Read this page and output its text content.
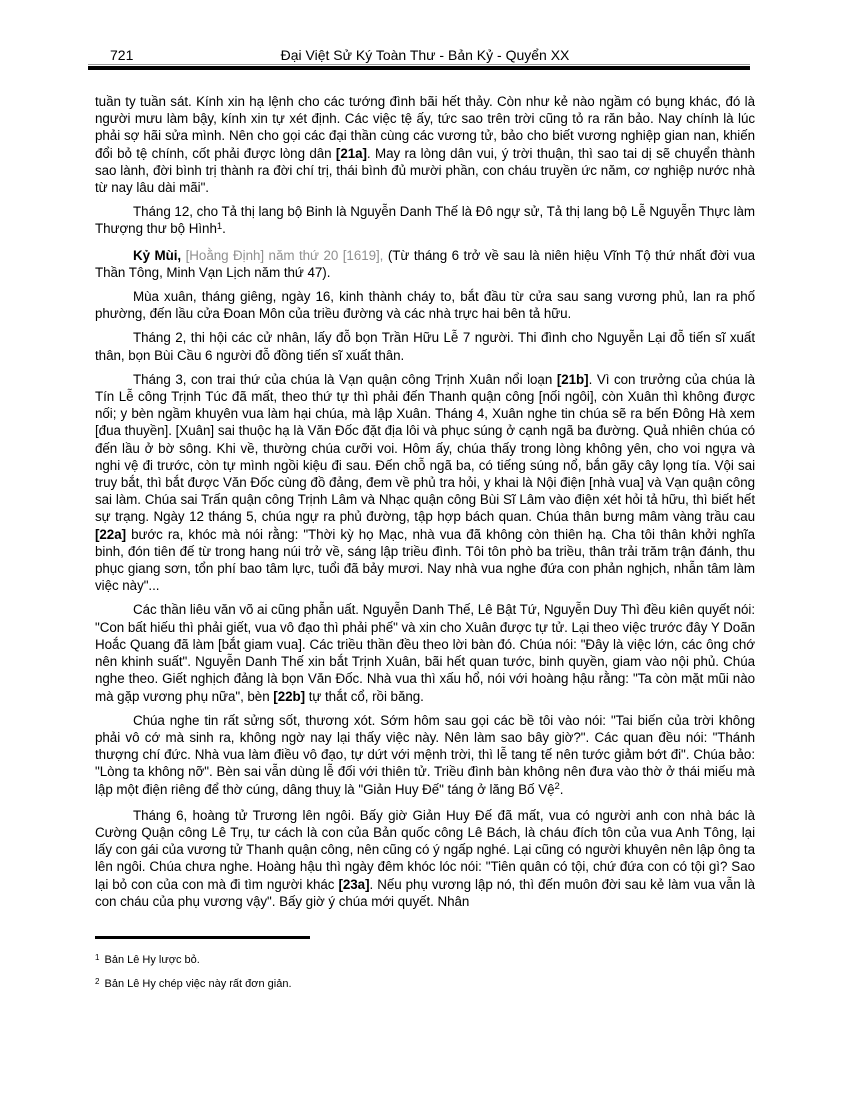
721	Đại Việt Sử Ký Toàn Thư - Bản Kỷ - Quyển XX

tuần ty tuần sát. Kính xin hạ lệnh cho các tướng đình bãi hết thảy. Còn như kẻ nào ngầm có bụng khác, đó là người mưu làm bậy, kính xin tự xét định. Các việc tệ ấy, tức sao trên trời cũng tỏ ra răn bảo. Nay chính là lúc phải sợ hãi sửa mình. Nên cho gọi các đại thần cùng các vương tử, bảo cho biết vương nghiệp gian nan, khiến đổi bỏ tệ chính, cốt phải được lòng dân [21a]. May ra lòng dân vui, ý trời thuận, thì sao tai dị sẽ chuyển thành sao lành, đời bình trị thành ra đời chí trị, thái bình đủ mười phần, con cháu truyền ức năm, cơ nghiệp nước nhà từ nay lâu dài mãi".

Tháng 12, cho Tả thị lang bộ Binh là Nguyễn Danh Thế là Đô ngự sử, Tả thị lang bộ Lễ Nguyễn Thực làm Thượng thư bộ Hình$^1$.

Kỷ Mùi, [Hoằng Định] năm thứ 20 [1619], (Từ tháng 6 trở về sau là niên hiệu Vĩnh Tộ thứ nhất đời vua Thần Tông, Minh Vạn Lịch năm thứ 47).

Mùa xuân, tháng giêng, ngày 16, kinh thành cháy to, bắt đầu từ cửa sau sang vương phủ, lan ra phố phường, đến lầu cửa Đoan Môn của triều đường và các nhà trực hai bên tả hữu.

Tháng 2, thi hội các cử nhân, lấy đỗ bọn Trần Hữu Lễ 7 người. Thi đình cho Nguyễn Lại đỗ tiến sĩ xuất thân, bọn Bùi Cầu 6 người đỗ đồng tiến sĩ xuất thân.

Tháng 3, con trai thứ của chúa là Vạn quận công Trịnh Xuân nổi loạn [21b]. Vì con trưởng của chúa là Tín Lễ công Trịnh Túc đã mất, theo thứ tự thì phải đến Thanh quận công [nối ngôi], còn Xuân thì không được nối; y bèn ngầm khuyên vua làm hại chúa, mà lập Xuân. Tháng 4, Xuân nghe tin chúa sẽ ra bến Đông Hà xem [đua thuyền]. [Xuân] sai thuộc hạ là Văn Đốc đặt địa lôi và phục súng ở cạnh ngã ba đường. Quả nhiên chúa có đến lầu ở bờ sông. Khi về, thường chúa cưỡi voi. Hôm ấy, chúa thấy trong lòng không yên, cho voi ngựa và nghi vệ đi trước, còn tự mình ngồi kiệu đi sau. Đến chỗ ngã ba, có tiếng súng nổ, bắn gãy cây lọng tía. Vội sai truy bắt, thì bắt được Văn Đốc cùng đồ đảng, đem về phủ tra hỏi, y khai là Nội điện [nhà vua] và Vạn quận công sai làm. Chúa sai Trấn quận công Trịnh Lâm và Nhạc quận công Bùi Sĩ Lâm vào điện xét hỏi tả hữu, thì biết hết sự trạng. Ngày 12 tháng 5, chúa ngự ra phủ đường, tập hợp bách quan. Chúa thân bưng mâm vàng trầu cau [22a] bước ra, khóc mà nói rằng: "Thời kỳ họ Mạc, nhà vua đã không còn thiên hạ. Cha tôi thân khởi nghĩa binh, đón tiên đế từ trong hang núi trở về, sáng lập triều đình. Tôi tôn phò ba triều, thân trải trăm trận đánh, thu phục giang sơn, tổn phí bao tâm lực, tuổi đã bảy mươi. Nay nhà vua nghe đứa con phản nghịch, nhẫn tâm làm việc này"...

Các thần liêu văn võ ai cũng phẫn uất. Nguyễn Danh Thế, Lê Bật Tứ, Nguyễn Duy Thì đều kiên quyết nói: "Con bất hiếu thì phải giết, vua vô đạo thì phải phế" và xin cho Xuân được tự tử. Lại theo việc trước đây Y Doãn Hoắc Quang đã làm [bắt giam vua]. Các triều thần đều theo lời bàn đó. Chúa nói: "Đây là việc lớn, các ông chớ nên khinh suất". Nguyễn Danh Thế xin bắt Trịnh Xuân, bãi hết quan tước, binh quyền, giam vào nội phủ. Chúa nghe theo. Giết nghịch đảng là bọn Văn Đốc. Nhà vua thì xấu hổ, nói với hoàng hậu rằng: "Ta còn mặt mũi nào mà gặp vương phụ nữa", bèn [22b] tự thắt cổ, rồi băng.

Chúa nghe tin rất sửng sốt, thương xót. Sớm hôm sau gọi các bề tôi vào nói: "Tai biến của trời không phải vô cớ mà sinh ra, không ngờ nay lại thấy việc này. Nên làm sao bây giờ?". Các quan đều nói: "Thánh thượng chí đức. Nhà vua làm điều vô đạo, tự dứt với mệnh trời, thì lễ tang tế nên tước giảm bớt đi". Chúa bảo: "Lòng ta không nỡ". Bèn sai vẫn dùng lễ đối với thiên tử. Triều đình bàn không nên đưa vào thờ ở thái miếu mà lập một điện riêng để thờ cúng, dâng thuỵ là "Giản Huy Đế" táng ở lăng Bố Vệ$^2$.

Tháng 6, hoàng tử Trương lên ngôi. Bấy giờ Giản Huy Đế đã mất, vua có người anh con nhà bác là Cường Quận công Lê Trụ, tư cách là con của Bản quốc công Lê Bách, là cháu đích tôn của vua Anh Tông, lại lấy con gái của vương tử Thanh quận công, nên cũng có ý ngấp nghé. Lại cũng có người khuyên nên lập ông ta lên ngôi. Chúa chưa nghe. Hoàng hậu thì ngày đêm khóc lóc nói: "Tiên quân có tội, chứ đứa con có tội gì? Sao lại bỏ con của con mà đi tìm người khác [23a]. Nếu phụ vương lập nó, thì đến muôn đời sau kẻ làm vua vẫn là con cháu của phụ vương vậy". Bấy giờ ý chúa mới quyết. Nhân

$^1$ Bản Lê Hy lược bỏ.
$^2$ Bản Lê Hy chép việc này rất đơn giản.
